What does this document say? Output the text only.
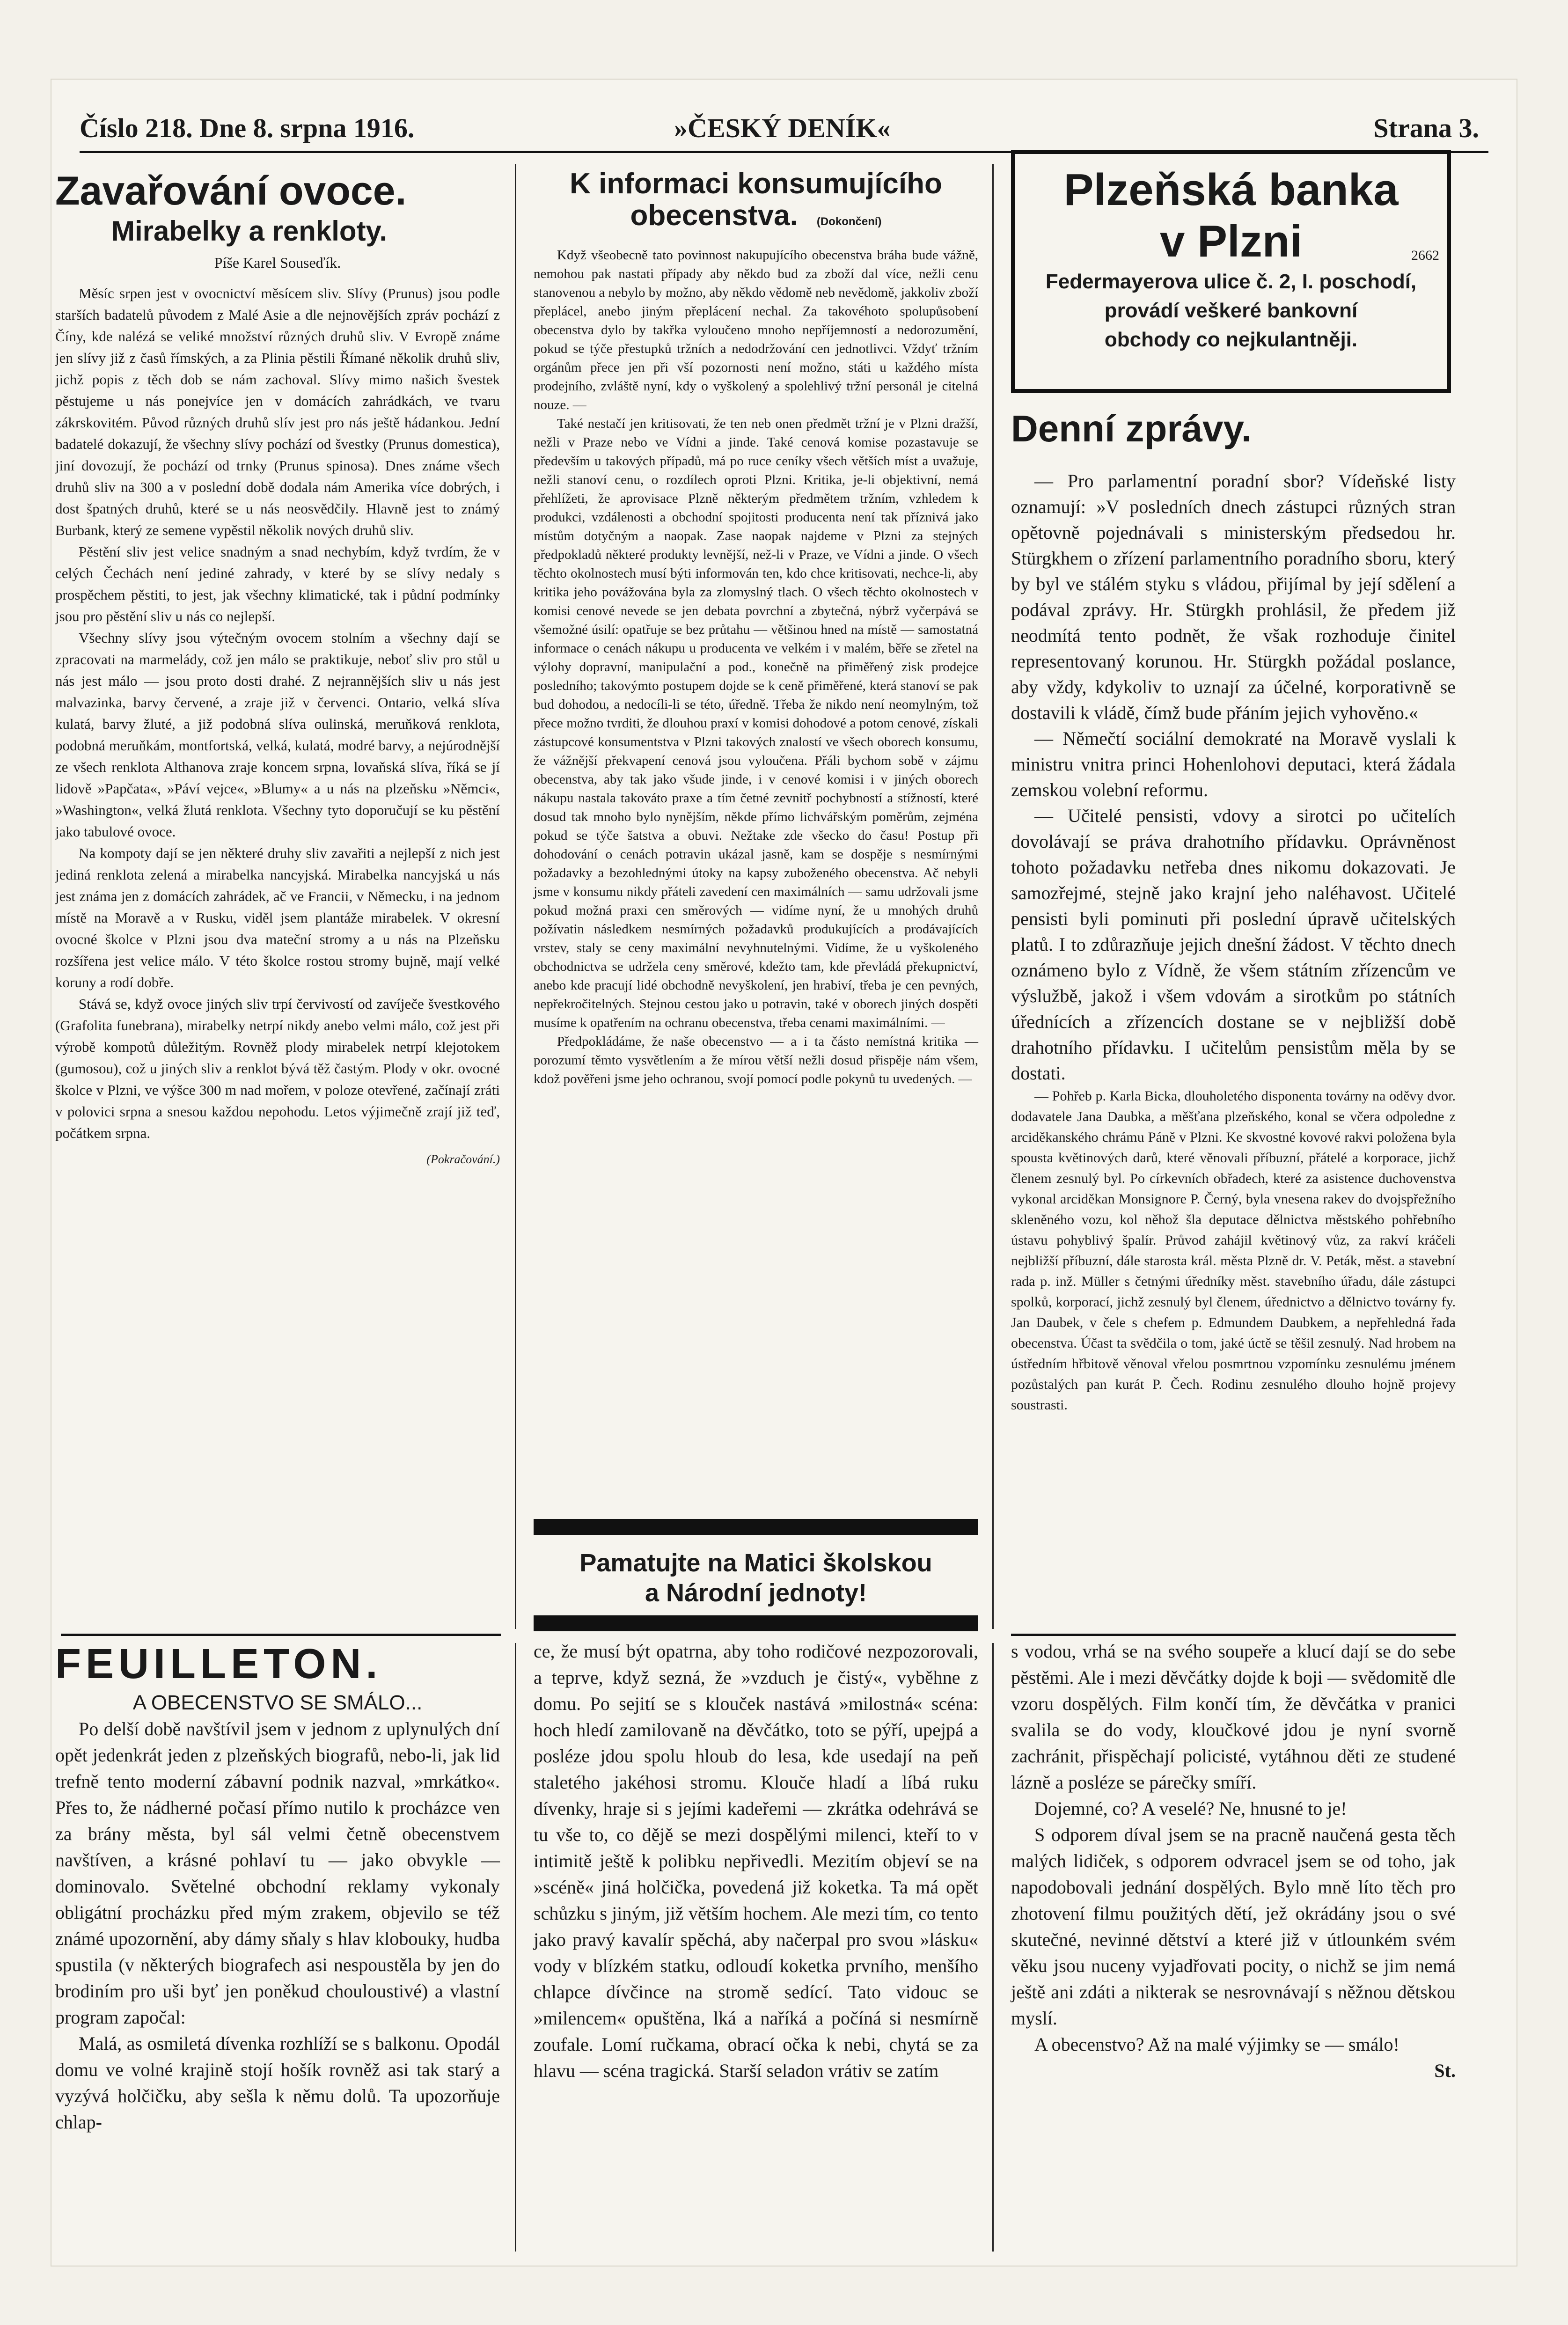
Číslo 218. Dne 8. srpna 1916.	»ČESKÝ DENÍK«	Strana 3.
Zavařování ovoce.
Mirabelky a renkloty.
Píše Karel Souseďík.

Měsíc srpen jest v ovocnictví měsícem sliv. Slívy (Prunus) jsou podle starších badatelů původem z Malé Asie a dle nejnovějších zpráv pochází z Číny, kde nalézá se veliké množství různých druhů sliv. V Evropě známe jen slívy již z časů římských, a za Plinia pěstili Římané několik druhů sliv, jichž popis z těch dob se nám zachoval. Slívy mimo našich švestek pěstujeme u nás ponejvíce jen v domácích zahrádkách, ve tvaru zákrskovitém. Původ různých druhů slív jest pro nás ještě hádankou. Jední badatelé dokazují, že všechny slívy pochází od švestky (Prunus domestica), jiní dovozují, že pochází od trnky (Prunus spinosa). Dnes známe všech druhů sliv na 300 a v poslední době dodala nám Amerika více dobrých, i dost špatných druhů, které se u nás neosvědčily. Hlavně jest to známý Burbank, který ze semene vypěstil několik nových druhů sliv.

Pěstění sliv jest velice snadným a snad nechybím, když tvrdím, že v celých Čechách není jediné zahrady, v které by se slívy nedaly s prospěchem pěstiti, to jest, jak všechny klimatické, tak i půdní podmínky jsou pro pěstění sliv u nás co nejlepší.

Všechny slívy jsou výtečným ovocem stolním a všechny dají se zpracovati na marmelády, což jen málo se praktikuje, neboť sliv pro stůl u nás jest málo — jsou proto dosti drahé. Z nejrannějších sliv u nás jest malvazinka, barvy červené, a zraje již v červenci. Ontario, velká slíva kulatá, barvy žluté, a již podobná slíva oulinská, meruňková renklota, podobná meruňkám, montfortská, velká, kulatá, modré barvy, a nejúrodnější ze všech renklota Althanova zraje koncem srpna, lovaňská slíva, říká se jí lidově »Papčata«, »Páví vejce«, »Blumy« a u nás na plzeňsku »Němci«, »Washington«, velká žlutá renklota. Všechny tyto doporučují se ku pěstění jako tabulové ovoce.

Na kompoty dají se jen některé druhy sliv zavařiti a nejlepší z nich jest jediná renklota zelená a mirabelka nancyjská. Mirabelka nancyjská u nás jest známa jen z domácích zahrádek, ač ve Francii, v Německu, i na jednom místě na Moravě a v Rusku, viděl jsem plantáže mirabelek. V okresní ovocné školce v Plzni jsou dva mateční stromy a u nás na Plzeňsku rozšířena jest velice málo. V této školce rostou stromy bujně, mají velké koruny a rodí dobře.

Stává se, když ovoce jiných sliv trpí červivostí od zavíječe švestkového (Grafolita funebrana), mirabelky netrpí nikdy anebo velmi málo, což jest při výrobě kompotů důležitým. Rovněž plody mirabelek netrpí klejotokem (gumosou), což u jiných sliv a renklot bývá těž častým. Plody v okr. ovocné školce v Plzni, ve výšce 300 m nad mořem, v poloze otevřené, začínají zráti v polovici srpna a snesou každou nepohodu. Letos výjimečně zrají již teď, počátkem srpna.

(Pokračování.)
K informaci konsumujícího
obecenstva. (Dokončení)

Když všeobecně tato povinnost nakupujícího obecenstva bráha bude vážně, nemohou pak nastati případy aby někdo bud za zboží dal více, nežli cenu stanovenou a nebylo by možno, aby někdo vědomě neb nevědomě, jakkoliv zboží přeplácel, anebo jiným přeplácení nechal. Za takovéhoto spolupůsobení obecenstva dylo by takřka vyloučeno mnoho nepříjemností a nedorozumění, pokud se týče přestupků tržních a nedodržování cen jednotlivci. Vždyť tržním orgánům přece jen při vší pozornosti není možno, státi u každého místa prodejního, zvláště nyní, kdy o vyškolený a spolehlivý tržní personál je citelná nouze. —

Také nestačí jen kritisovati, že ten neb onen předmět tržní je v Plzni dražší, nežli v Praze nebo ve Vídni a jinde. Také cenová komise pozastavuje se především u takových případů, má po ruce ceníky všech větších míst a uvažuje, nežli stanoví cenu, o rozdílech oproti Plzni. Kritika, je-li objektivní, nemá přehlížeti, že aprovisace Plzně některým předmětem tržním, vzhledem k produkci, vzdálenosti a obchodní spojitosti producenta není tak příznivá jako místům dotyčným a naopak. Zase naopak najdeme v Plzni za stejných předpokladů některé produkty levnější, než-li v Praze, ve Vídni a jinde. O všech těchto okolnostech musí býti informován ten, kdo chce kritisovati, nechce-li, aby kritika jeho povážována byla za zlomyslný tlach. O všech těchto okolnostech v komisi cenové nevede se jen debata povrchní a zbytečná, nýbrž vyčerpává se všemožné úsilí: opatřuje se bez průtahu — většinou hned na místě — samostatná informace o cenách nákupu u producenta ve velkém i v malém, běře se zřetel na výlohy dopravní, manipulační a pod., konečně na přiměřený zisk prodejce posledního; takovýmto postupem dojde se k ceně přiměřené, která stanoví se pak bud dohodou, a nedocíli-li se této, úředně. Třeba že nikdo není neomylným, tož přece možno tvrditi, že dlouhou praxí v komisi dohodové a potom cenové, získali zástupcové konsumentstva v Plzni takových znalostí ve všech oborech konsumu, že vážnější překvapení cenová jsou vyloučena. Přáli bychom sobě v zájmu obecenstva, aby tak jako všude jinde, i v cenové komisi i v jiných oborech nákupu nastala takováto praxe a tím četné zevnitř pochybností a stížností, které dosud tak mnoho bylo nynějším, někde přímo lichvářským poměrům, zejména pokud se týče šatstva a obuvi. Nežtake zde všecko do času! Postup při dohodování o cenách potravin ukázal jasně, kam se dospěje s nesmírnými požadavky a bezohlednými útoky na kapsy zuboženého obecenstva. Ač nebyli jsme v konsumu nikdy přáteli zavedení cen maximálních — samu udržovali jsme pokud možná praxi cen směrových — vidíme nyní, že u mnohých druhů požívatin následkem nesmírných požadavků produkujících a prodávajících vrstev, staly se ceny maximální nevyhnutelnými. Vidíme, že u vyškoleného obchodnictva se udržela ceny směrové, kdežto tam, kde převládá překupnictví, anebo kde pracují lidé obchodně nevyškolení, jen hrabiví, třeba je cen pevných, nepřekročitelných. Stejnou cestou jako u potravin, také v oborech jiných dospěti musíme k opatřením na ochranu obecenstva, třeba cenami maximálními. —

Předpokládáme, že naše obecenstvo — a i ta částo nemístná kritika — porozumí těmto vysvětlením a že mírou větší nežli dosud přispěje nám všem, kdož pověřeni jsme jeho ochranou, svojí pomocí podle pokynů tu uvedených. —

Pamatujte na Matici školskou
a Národní jednoty!
Plzeňská banka
v Plzni	2662
Federmayerova ulice č. 2, I. poschodí,
provádí veškeré bankovní
obchody co nejkulantněji.
Denní zprávy.

— Pro parlamentní poradní sbor? Vídeňské listy oznamují: »V posledních dnech zástupci různých stran opětovně pojednávali s ministerským předsedou hr. Stürgkhem o zřízení parlamentního poradního sboru, který by byl ve stálém styku s vládou, přijímal by její sdělení a podával zprávy. Hr. Stürgkh prohlásil, že předem již neodmítá tento podnět, že však rozhoduje činitel representovaný korunou. Hr. Stürgkh požádal poslance, aby vždy, kdykoliv to uznají za účelné, korporativně se dostavili k vládě, čímž bude přáním jejich vyhověno.«

— Němečtí sociální demokraté na Moravě vyslali k ministru vnitra princi Hohenlohovi deputaci, která žádala zemskou volební reformu.

— Učitelé pensisti, vdovy a sirotci po učitelích dovolávají se práva drahotního přídavku. Oprávněnost tohoto požadavku netřeba dnes nikomu dokazovati. Je samozřejmé, stejně jako krajní jeho naléhavost. Učitelé pensisti byli pominuti při poslední úpravě učitelských platů. I to zdůrazňuje jejich dnešní žádost. V těchto dnech oznámeno bylo z Vídně, že všem státním zřízencům ve výslužbě, jakož i všem vdovám a sirotkům po státních úřednících a zřízencích dostane se v nejbližší době drahotního přídavku. I učitelům pensistům měla by se dostati.

— Pohřeb p. Karla Bicka, dlouholetého disponenta továrny na oděvy dvor. dodavatele Jana Daubka, a měšťana plzeňského, konal se včera odpoledne z arciděkanského chrámu Páně v Plzni. Ke skvostné kovové rakvi položena byla spousta květinových darů, které věnovali příbuzní, přátelé a korporace, jichž členem zesnulý byl. Po církevních obřadech, které za asistence duchovenstva vykonal arciděkan Monsignore P. Černý, byla vnesena rakev do dvojspřežního skleněného vozu, kol něhož šla deputace dělnictva městského pohřebního ústavu pohyblivý špalír. Průvod zahájil květinový vůz, za rakví kráčeli nejbližší příbuzní, dále starosta král. města Plzně dr. V. Peták, měst. a stavební rada p. inž. Müller s četnými úředníky měst. stavebního úřadu, dále zástupci spolků, korporací, jichž zesnulý byl členem, úřednictvo a dělnictvo továrny fy. Jan Daubek, v čele s chefem p. Edmundem Daubkem, a nepřehledná řada obecenstva. Účast ta svědčila o tom, jaké úctě se těšil zesnulý. Nad hrobem na ústředním hřbitově věnoval vřelou posmrtnou vzpomínku zesnulému jménem pozůstalých pan kurát P. Čech. Rodinu zesnulého dlouho hojně projevy soustrasti.

FEUILLETON.
A OBECENSTVO SE SMÁLO...

Po delší době navštívil jsem v jednom z uplynulých dní opět jedenkrát jeden z plzeňských biografů, nebo-li, jak lid trefně tento moderní zábavní podnik nazval, »mrkátko«. Přes to, že nádherné počasí přímo nutilo k procházce ven za brány města, byl sál velmi četně obecenstvem navštíven, a krásné pohlaví tu — jako obvykle — dominovalo. Světelné obchodní reklamy vykonaly obligátní procházku před mým zrakem, objevilo se též známé upozornění, aby dámy sňaly s hlav klobouky, hudba spustila (v některých biografech asi nespoustěla by jen do brodiním pro uši byť jen poněkud chouloustivé) a vlastní program započal:

Malá, as osmiletá dívenka rozhlíží se s balkonu. Opodál domu ve volné krajině stojí hošík rovněž asi tak starý a vyzývá holčičku, aby sešla k němu dolů. Ta upozorňuje chlap-

ce, že musí být opatrna, aby toho rodičové nezpozorovali, a teprve, když sezná, že »vzduch je čistý«, vyběhne z domu. Po sejití se s klouček nastává »milostná« scéna: hoch hledí zamilovaně na děvčátko, toto se pýří, upejpá a posléze jdou spolu hloub do lesa, kde usedají na peň staletého jakéhosi stromu. Klouče hladí a líbá ruku dívenky, hraje si s jejími kadeřemi — zkrátka odehrává se tu vše to, co dějě se mezi dospělými milenci, kteří to v intimitě ještě k polibku nepřivedli. Mezitím objeví se na »scéně« jiná holčička, povedená již koketka. Ta má opět schůzku s jiným, již větším hochem. Ale mezi tím, co tento jako pravý kavalír spěchá, aby načerpal pro svou »lásku« vody v blízkém statku, odloudí koketka prvního, menšího chlapce dívčince na stromě sedící. Tato vidouc se »milencem« opuštěna, lká a naříká a počíná si nesmírně zoufale. Lomí ručkama, obrací očka k nebi, chytá se za hlavu — scéna tragická. Starší seladon vrátiv se zatím

s vodou, vrhá se na svého soupeře a klucí dají se do sebe pěstěmi. Ale i mezi děvčátky dojde k boji — svědomitě dle vzoru dospělých. Film končí tím, že děvčátka v pranici svalila se do vody, kloučkové jdou je nyní svorně zachránit, přispěchají policisté, vytáhnou děti ze studené lázně a posléze se párečky smíří.

Dojemné, co? A veselé? Ne, hnusné to je!

S odporem díval jsem se na pracně naučená gesta těch malých lidiček, s odporem odvracel jsem se od toho, jak napodobovali jednání dospělých. Bylo mně líto těch pro zhotovení filmu použitých dětí, jež okrádány jsou o své skutečné, nevinné dětství a které již v útlounkém svém věku jsou nuceny vyjadřovati pocity, o nichž se jim nemá ještě ani zdáti a nikterak se nesrovnávají s něžnou dětskou myslí.

A obecenstvo? Až na malé výjimky se — smálo!

St.
